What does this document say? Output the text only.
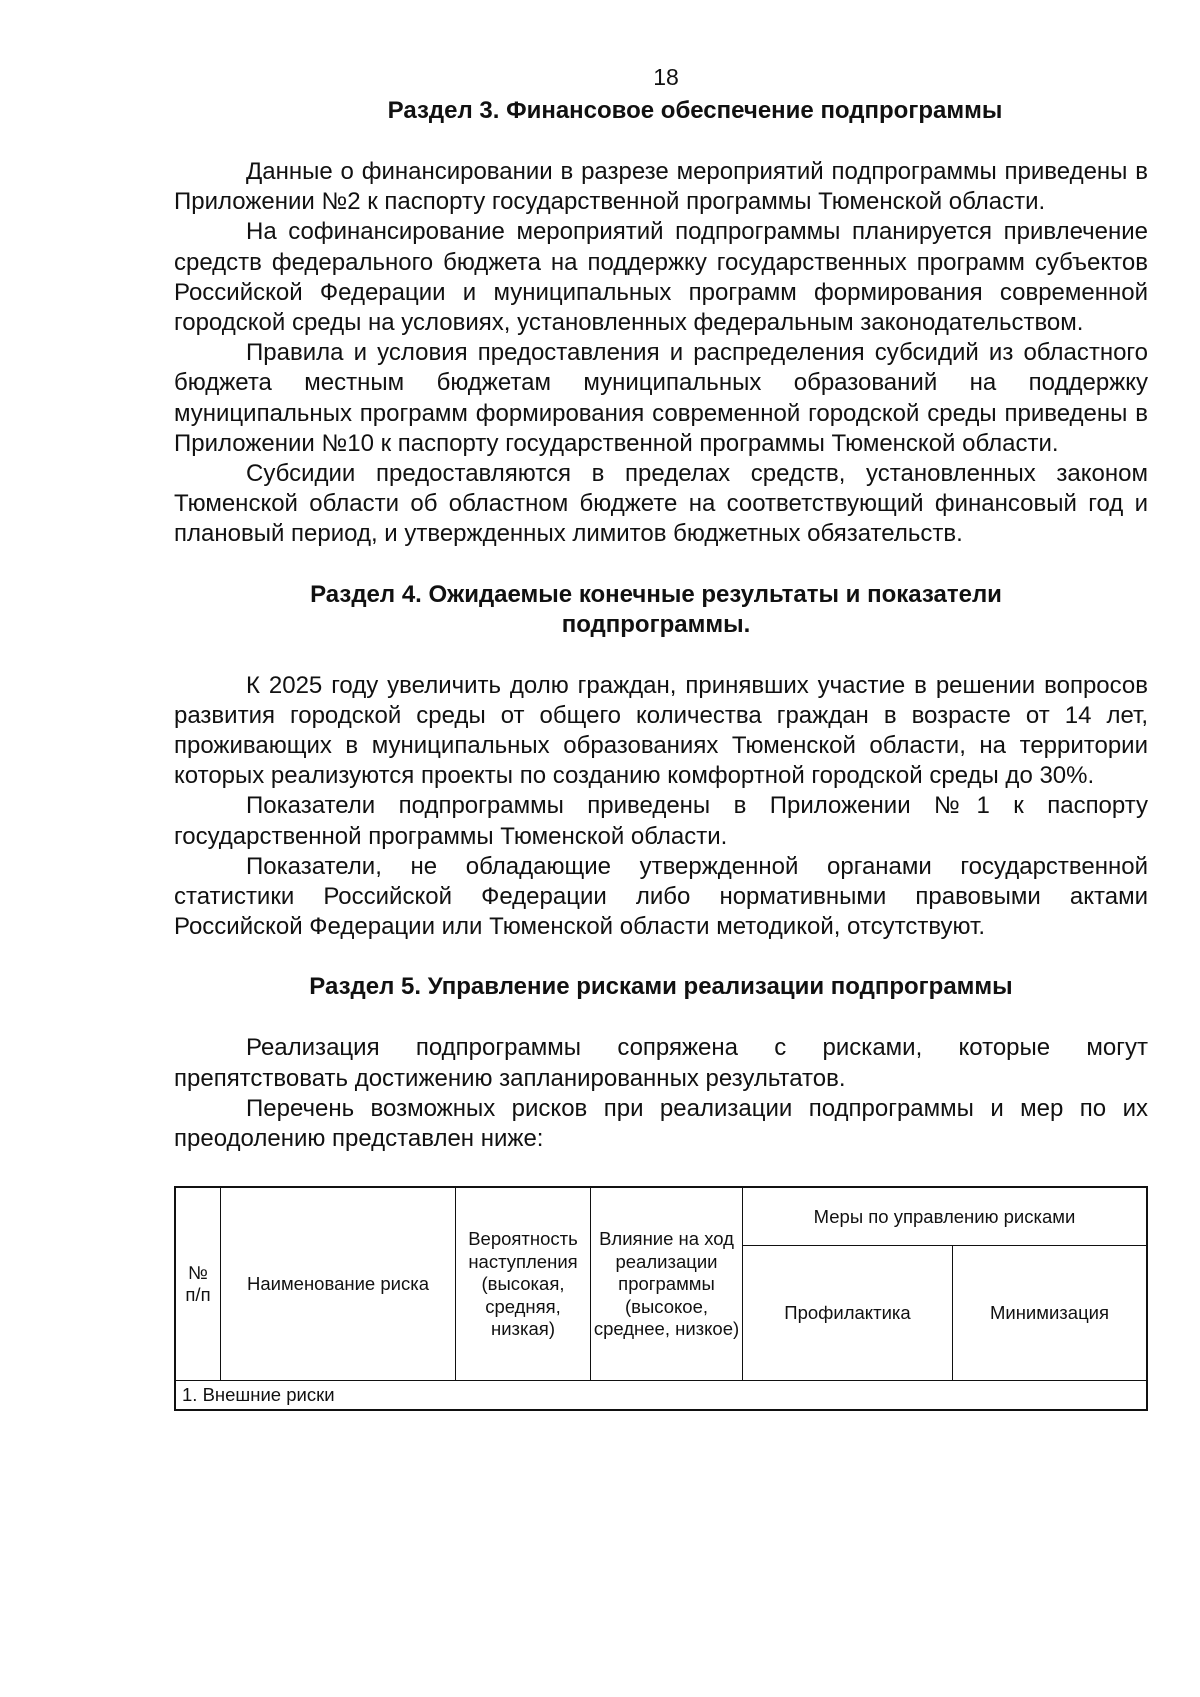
18
Раздел 3. Финансовое обеспечение подпрограммы

Данные о финансировании в разрезе мероприятий подпрограммы приведены в Приложении №2 к паспорту государственной программы Тюменской области.

На софинансирование мероприятий подпрограммы планируется привлечение средств федерального бюджета на поддержку государственных программ субъектов Российской Федерации и муниципальных программ формирования современной городской среды на условиях, установленных федеральным законодательством.

Правила и условия предоставления и распределения субсидий из областного бюджета местным бюджетам муниципальных образований на поддержку муниципальных программ формирования современной городской среды приведены в Приложении №10 к паспорту государственной программы Тюменской области.

Субсидии предоставляются в пределах средств, установленных законом Тюменской области об областном бюджете на соответствующий финансовый год и плановый период, и утвержденных лимитов бюджетных обязательств.

Раздел 4. Ожидаемые конечные результаты и показатели
подпрограммы.

К 2025 году увеличить долю граждан, принявших участие в решении вопросов развития городской среды от общего количества граждан в возрасте от 14 лет, проживающих в муниципальных образованиях Тюменской области, на территории которых реализуются проекты по созданию комфортной городской среды до 30%.

Показатели подпрограммы приведены в Приложении №1 к паспорту государственной программы Тюменской области.

Показатели, не обладающие утвержденной органами государственной статистики Российской Федерации либо нормативными правовыми актами Российской Федерации или Тюменской области методикой, отсутствуют.

Раздел 5. Управление рисками реализации подпрограммы

Реализация подпрограммы сопряжена с рисками, которые могут препятствовать достижению запланированных результатов.

Перечень возможных рисков при реализации подпрограммы и мер по их преодолению представлен ниже:

№ п/п	Наименование риска	Вероятность наступления (высокая, средняя, низкая)	Влияние на ход реализации программы (высокое, среднее, низкое)	Меры по управлению рисками	
				Профилактика	Минимизация
1. Внешние риски					
